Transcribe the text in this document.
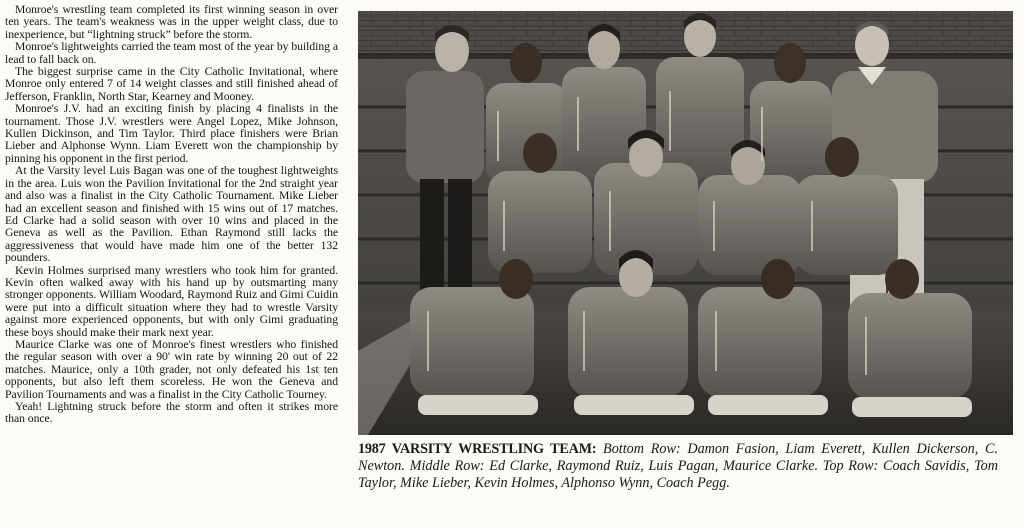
Monroe's wrestling team completed its first winning season in over ten years. The team's weakness was in the upper weight class, due to inexperience, but “lightning struck” before the storm.

Monroe's lightweights carried the team most of the year by building a lead to fall back on.

The biggest surprise came in the City Catholic Invitational, where Monroe only entered 7 of 14 weight classes and still finished ahead of Jefferson, Franklin, North Star, Kearney and Mooney.

Monroe's J.V. had an exciting finish by placing 4 finalists in the tournament. Those J.V. wrestlers were Angel Lopez, Mike Johnson, Kullen Dickinson, and Tim Taylor. Third place finishers were Brian Lieber and Alphonse Wynn. Liam Everett won the championship by pinning his opponent in the first period.

At the Varsity level Luis Bagan was one of the toughest lightweights in the area. Luis won the Pavilion Invitational for the 2nd straight year and also was a finalist in the City Catholic Tournament. Mike Lieber had an excellent season and finished with 15 wins out of 17 matches. Ed Clarke had a solid season with over 10 wins and placed in the Geneva as well as the Pavilion. Ethan Raymond still lacks the aggressiveness that would have made him one of the better 132 pounders.

Kevin Holmes surprised many wrestlers who took him for granted. Kevin often walked away with his hand up by outsmarting many stronger opponents. William Woodard, Raymond Ruiz and Gimi Cuidin were put into a difficult situation where they had to wrestle Varsity against more experienced opponents, but with only Gimi graduating these boys should make their mark next year.

Maurice Clarke was one of Monroe's finest wrestlers who finished the regular season with over a 90' win rate by winning 20 out of 22 matches. Maurice, only a 10th grader, not only defeated his 1st ten opponents, but also left them scoreless. He won the Geneva and Pavilion Tournaments and was a finalist in the City Catholic Tourney.

Yeah! Lightning struck before the storm and often it strikes more than once.

1987 VARSITY WRESTLING TEAM: Bottom Row: Damon Fasion, Liam Everett, Kullen Dickerson, C. Newton. Middle Row: Ed Clarke, Raymond Ruiz, Luis Pagan, Maurice Clarke. Top Row: Coach Savidis, Tom Taylor, Mike Lieber, Kevin Holmes, Alphonso Wynn, Coach Pegg.
